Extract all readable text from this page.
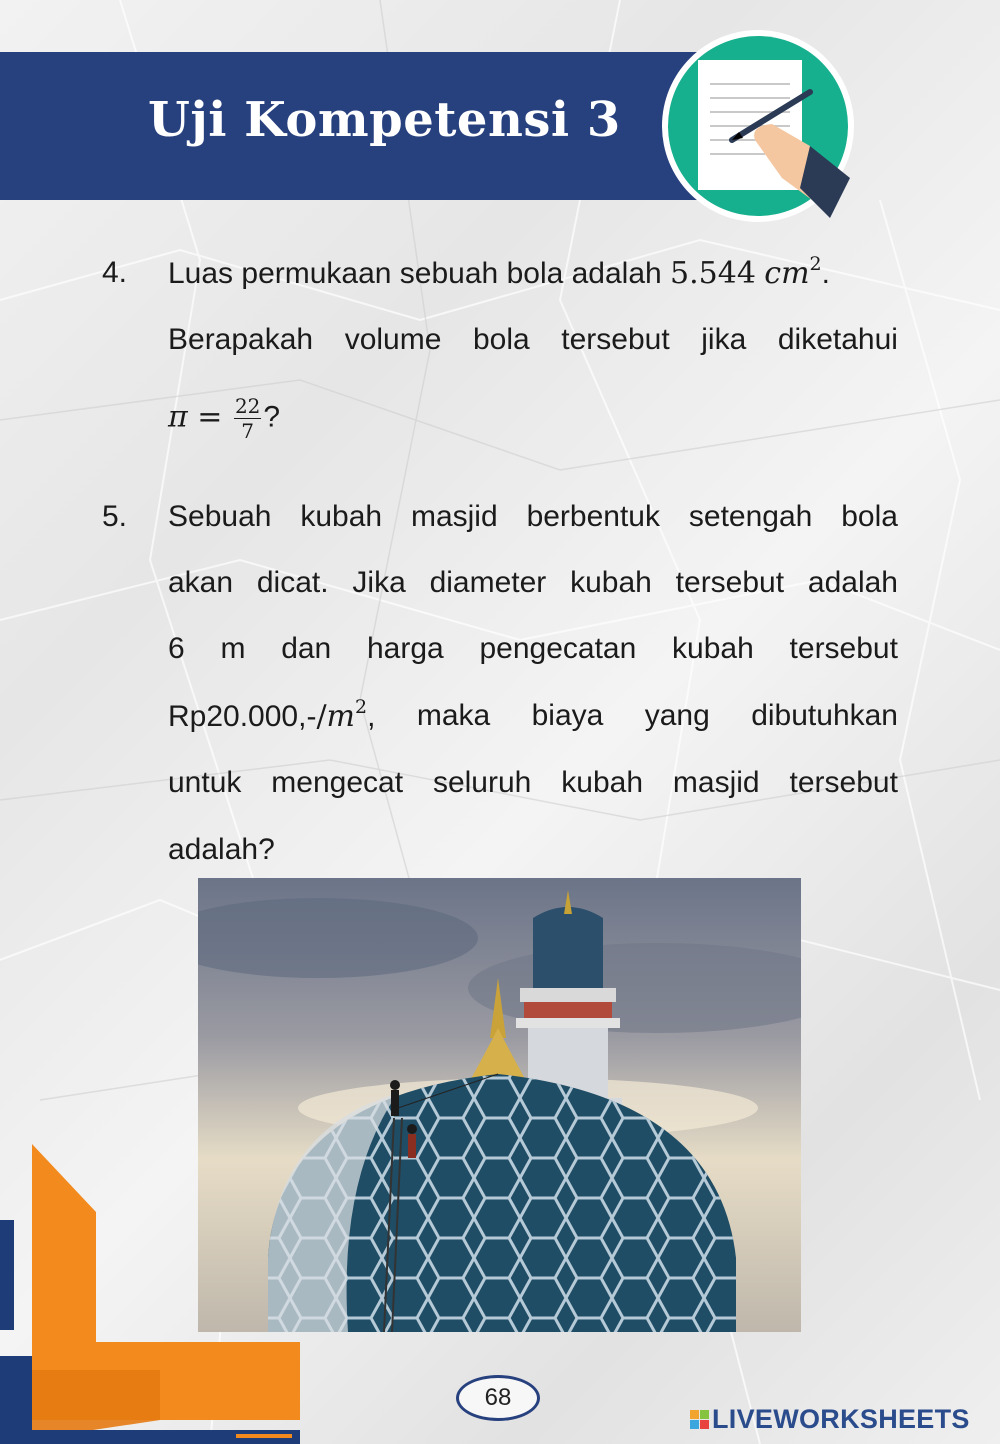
Uji Kompetensi 3
4. Luas permukaan sebuah bola adalah 5.544 $cm^2$.
Berapakah volume bola tersebut jika diketahui
$\pi = \frac{22}{7}$ ?
5. Sebuah kubah masjid berbentuk setengah bola
akan dicat. Jika diameter kubah tersebut adalah
6 m dan harga pengecatan kubah tersebut
$Rp20.000,-/m^2$, maka biaya yang dibutuhkan
untuk mengecat seluruh kubah masjid tersebut
adalah?
68
LIVEWORKSHEETS
